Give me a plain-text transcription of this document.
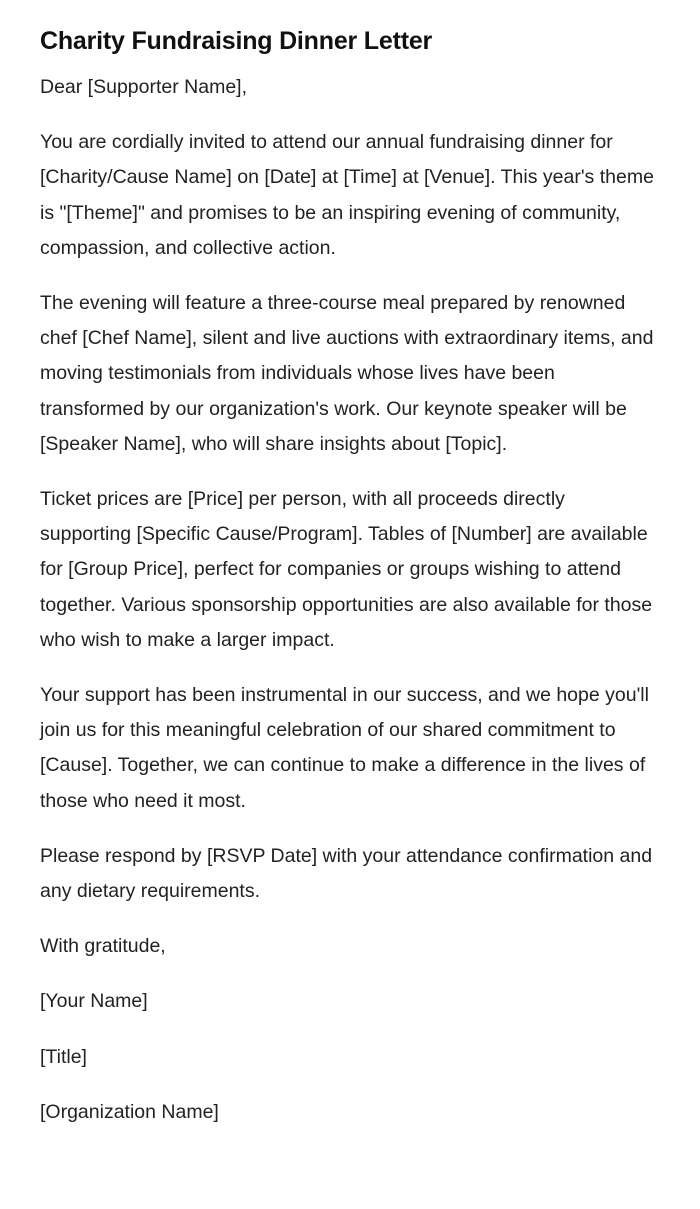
Charity Fundraising Dinner Letter

Dear [Supporter Name],

You are cordially invited to attend our annual fundraising dinner for [Charity/Cause Name] on [Date] at [Time] at [Venue]. This year's theme is "[Theme]" and promises to be an inspiring evening of community, compassion, and collective action.

The evening will feature a three-course meal prepared by renowned chef [Chef Name], silent and live auctions with extraordinary items, and moving testimonials from individuals whose lives have been transformed by our organization's work. Our keynote speaker will be [Speaker Name], who will share insights about [Topic].

Ticket prices are [Price] per person, with all proceeds directly supporting [Specific Cause/Program]. Tables of [Number] are available for [Group Price], perfect for companies or groups wishing to attend together. Various sponsorship opportunities are also available for those who wish to make a larger impact.

Your support has been instrumental in our success, and we hope you'll join us for this meaningful celebration of our shared commitment to [Cause]. Together, we can continue to make a difference in the lives of those who need it most.

Please respond by [RSVP Date] with your attendance confirmation and any dietary requirements.

With gratitude,

[Your Name]

[Title]

[Organization Name]
